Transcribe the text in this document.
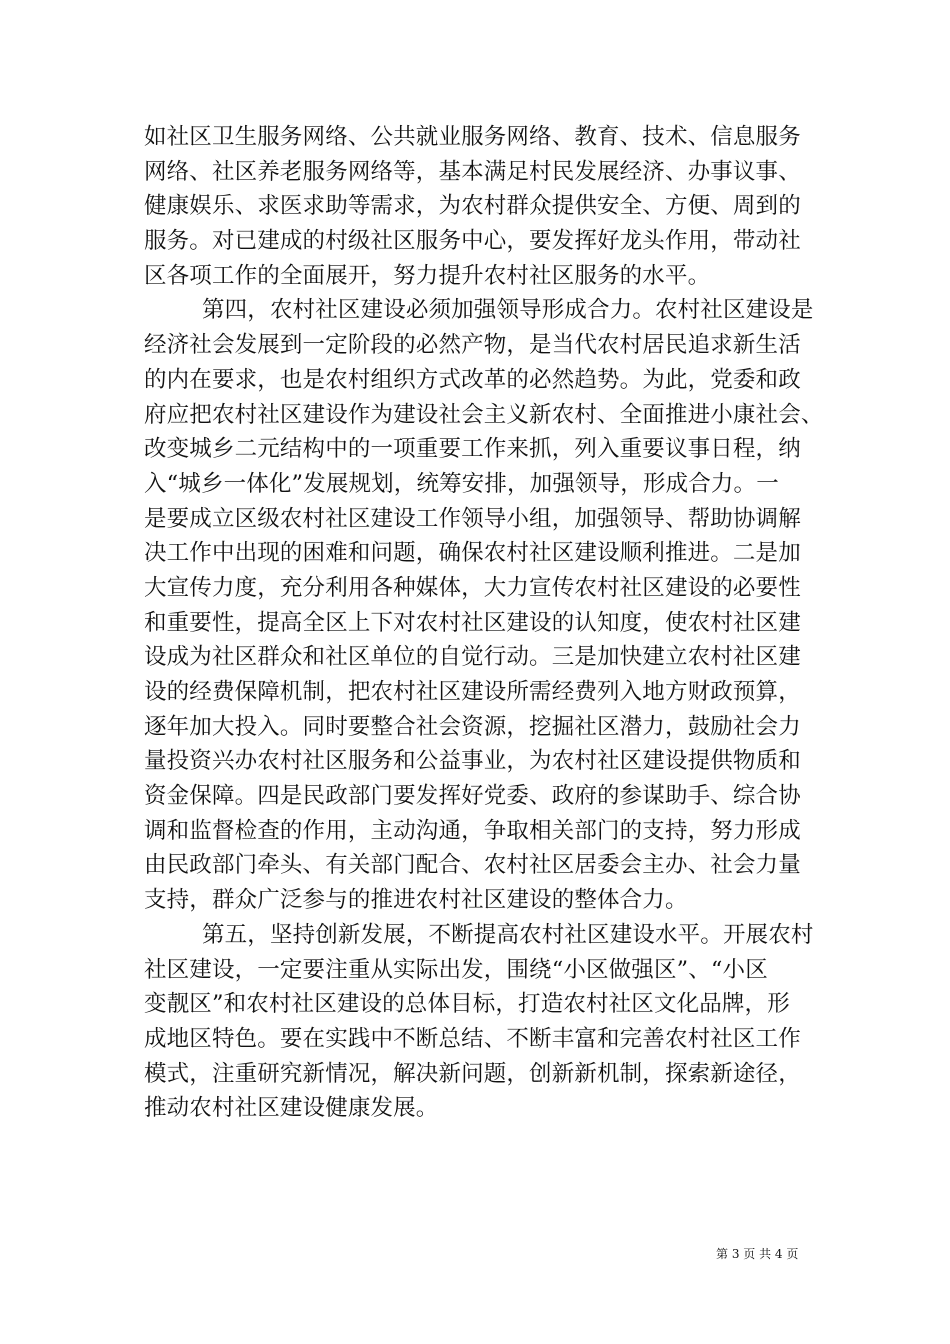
如社区卫生服务网络、公共就业服务网络、教育、技术、信息服务
网络、社区养老服务网络等，基本满足村民发展经济、办事议事、
健康娱乐、求医求助等需求，为农村群众提供安全、方便、周到的
服务。对已建成的村级社区服务中心，要发挥好龙头作用，带动社
区各项工作的全面展开，努力提升农村社区服务的水平。
第四，农村社区建设必须加强领导形成合力。农村社区建设是
经济社会发展到一定阶段的必然产物，是当代农村居民追求新生活
的内在要求，也是农村组织方式改革的必然趋势。为此，党委和政
府应把农村社区建设作为建设社会主义新农村、全面推进小康社会、
改变城乡二元结构中的一项重要工作来抓，列入重要议事日程，纳
入“城乡一体化”发展规划，统筹安排，加强领导，形成合力。一
是要成立区级农村社区建设工作领导小组，加强领导、帮助协调解
决工作中出现的困难和问题，确保农村社区建设顺利推进。二是加
大宣传力度，充分利用各种媒体，大力宣传农村社区建设的必要性
和重要性，提高全区上下对农村社区建设的认知度，使农村社区建
设成为社区群众和社区单位的自觉行动。三是加快建立农村社区建
设的经费保障机制，把农村社区建设所需经费列入地方财政预算，
逐年加大投入。同时要整合社会资源，挖掘社区潜力，鼓励社会力
量投资兴办农村社区服务和公益事业，为农村社区建设提供物质和
资金保障。四是民政部门要发挥好党委、政府的参谋助手、综合协
调和监督检查的作用，主动沟通，争取相关部门的支持，努力形成
由民政部门牵头、有关部门配合、农村社区居委会主办、社会力量
支持，群众广泛参与的推进农村社区建设的整体合力。
第五，坚持创新发展，不断提高农村社区建设水平。开展农村
社区建设，一定要注重从实际出发，围绕“小区做强区”、“小区
变靓区”和农村社区建设的总体目标，打造农村社区文化品牌，形
成地区特色。要在实践中不断总结、不断丰富和完善农村社区工作
模式，注重研究新情况，解决新问题，创新新机制，探索新途径，
推动农村社区建设健康发展。
第 3 页 共 4 页
